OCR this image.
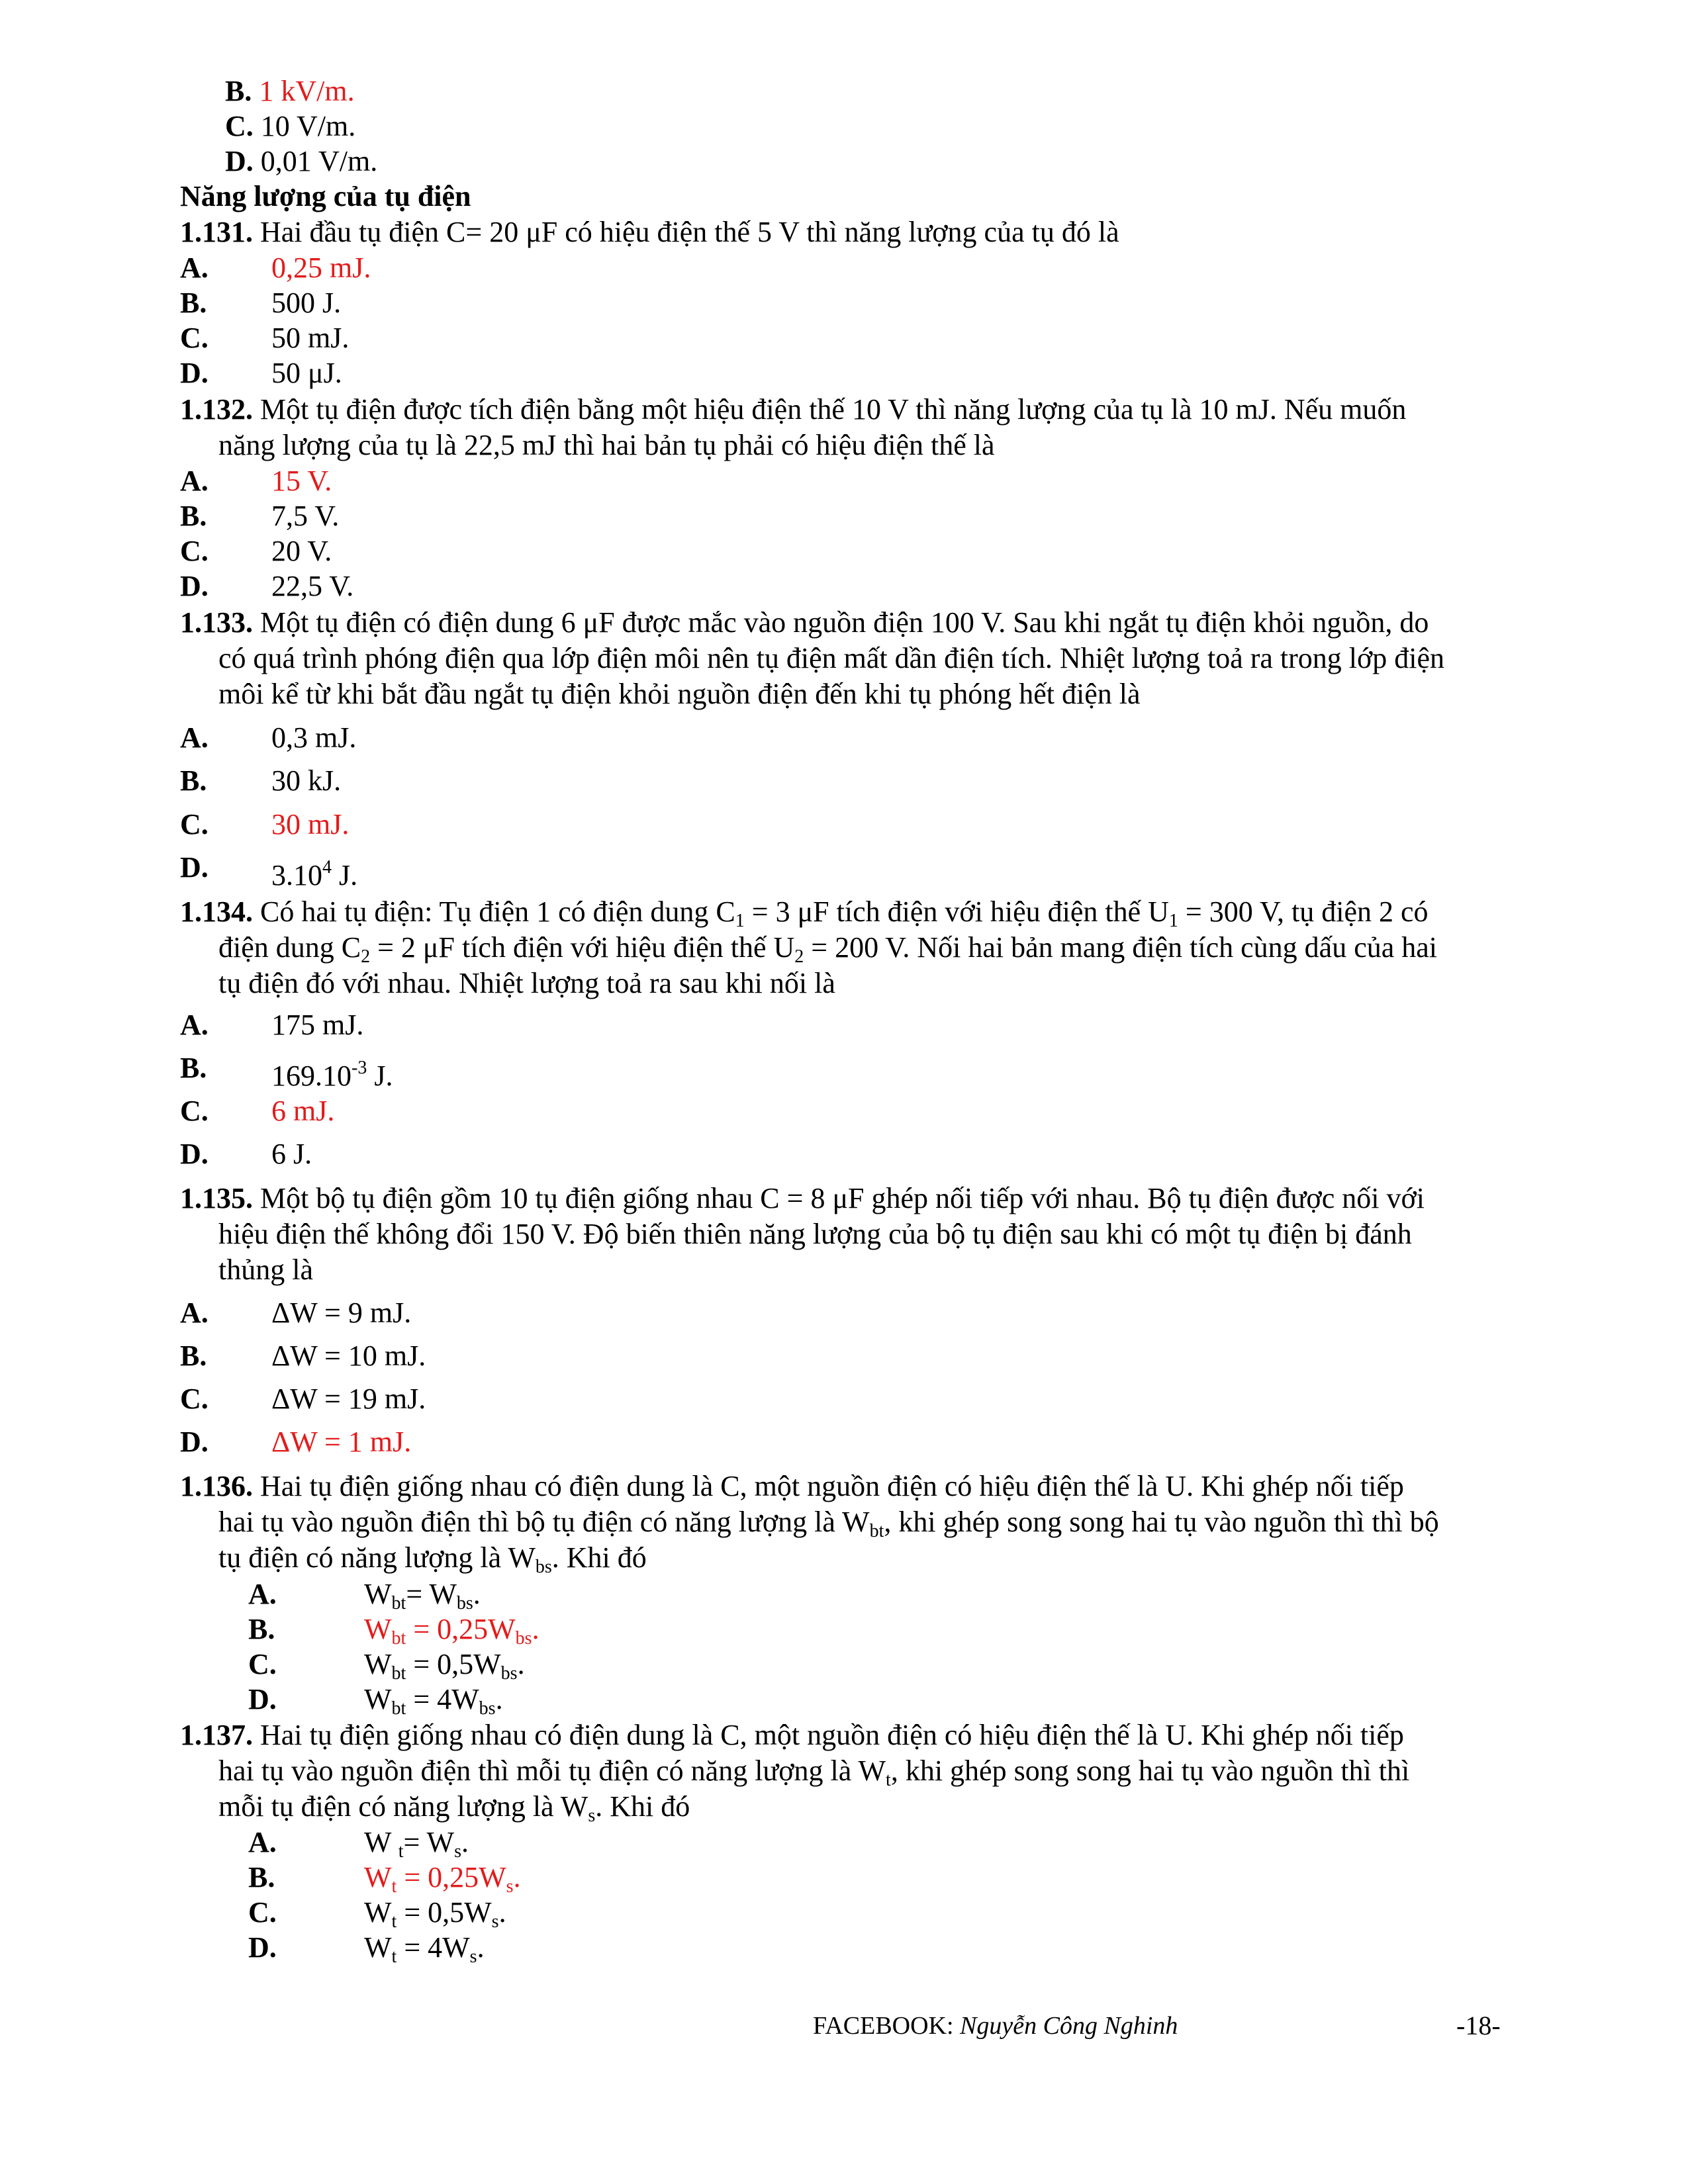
B. 1 kV/m.
C. 10 V/m.
D. 0,01 V/m.
Năng lượng của tụ điện
1.131. Hai đầu tụ điện C= 20 μF có hiệu điện thế 5 V thì năng lượng của tụ đó là
A. 0,25 mJ.
B. 500 J.
C. 50 mJ.
D. 50 μJ.
1.132. Một tụ điện được tích điện bằng một hiệu điện thế 10 V thì năng lượng của tụ là 10 mJ. Nếu muốn
năng lượng của tụ là 22,5 mJ thì hai bản tụ phải có hiệu điện thế là
A. 15 V.
B. 7,5 V.
C. 20 V.
D. 22,5 V.
1.133. Một tụ điện có điện dung 6 μF được mắc vào nguồn điện 100 V. Sau khi ngắt tụ điện khỏi nguồn, do
có quá trình phóng điện qua lớp điện môi nên tụ điện mất dần điện tích. Nhiệt lượng toả ra trong lớp điện
môi kể từ khi bắt đầu ngắt tụ điện khỏi nguồn điện đến khi tụ phóng hết điện là
A. 0,3 mJ.
B. 30 kJ.
C. 30 mJ.
D. 3.10$^4$ J.
1.134. Có hai tụ điện: Tụ điện 1 có điện dung $C_1 = 3$ μF tích điện với hiệu điện thế $U_1 = 300$ V, tụ điện 2 có
điện dung $C_2 = 2$ μF tích điện với hiệu điện thế $U_2 = 200$ V. Nối hai bản mang điện tích cùng dấu của hai
tụ điện đó với nhau. Nhiệt lượng toả ra sau khi nối là
A. 175 mJ.
B. $169.10^{-3}$ J.
C. 6 mJ.
D. 6 J.
1.135. Một bộ tụ điện gồm 10 tụ điện giống nhau C = 8 μF ghép nối tiếp với nhau. Bộ tụ điện được nối với
hiệu điện thế không đổi 150 V. Độ biến thiên năng lượng của bộ tụ điện sau khi có một tụ điện bị đánh
thủng là
A. ΔW = 9 mJ.
B. ΔW = 10 mJ.
C. ΔW = 19 mJ.
D. ΔW = 1 mJ.
1.136. Hai tụ điện giống nhau có điện dung là C, một nguồn điện có hiệu điện thế là U. Khi ghép nối tiếp
hai tụ vào nguồn điện thì bộ tụ điện có năng lượng là $W_{bt}$, khi ghép song song hai tụ vào nguồn thì thì bộ
tụ điện có năng lượng là $W_{bs}$. Khi đó
A.	$W_{bt}= W_{bs}$.
B.	$W_{bt} = 0,25W_{bs}$.
C.	$W_{bt} = 0,5W_{bs}$.
D.	$W_{bt} = 4W_{bs}$.
1.137. Hai tụ điện giống nhau có điện dung là C, một nguồn điện có hiệu điện thế là U. Khi ghép nối tiếp
hai tụ vào nguồn điện thì mỗi tụ điện có năng lượng là $W_t$, khi ghép song song hai tụ vào nguồn thì thì
mỗi tụ điện có năng lượng là $W_s$. Khi đó
A.	W $_t= W_s$.
B.	$W_t = 0,25W_s$.
C.	$W_t = 0,5W_s$.
D.	$W_t = 4W_s$.
FACEBOOK: Nguyễn Công Nghinh	-18-
